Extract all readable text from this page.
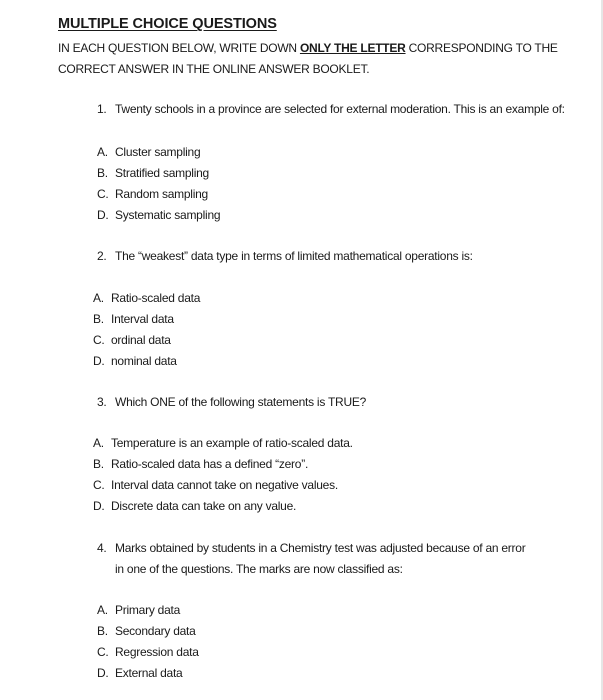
MULTIPLE CHOICE QUESTIONS
IN EACH QUESTION BELOW, WRITE DOWN ONLY THE LETTER CORRESPONDING TO THE CORRECT ANSWER IN THE ONLINE ANSWER BOOKLET.
1. Twenty schools in a province are selected for external moderation. This is an example of:
A. Cluster sampling
B. Stratified sampling
C. Random sampling
D. Systematic sampling
2. The “weakest” data type in terms of limited mathematical operations is:
A. Ratio-scaled data
B. Interval data
C. ordinal data
D. nominal data
3. Which ONE of the following statements is TRUE?
A. Temperature is an example of ratio-scaled data.
B. Ratio-scaled data has a defined “zero”.
C. Interval data cannot take on negative values.
D. Discrete data can take on any value.
4. Marks obtained by students in a Chemistry test was adjusted because of an error in one of the questions. The marks are now classified as:
A. Primary data
B. Secondary data
C. Regression data
D. External data
